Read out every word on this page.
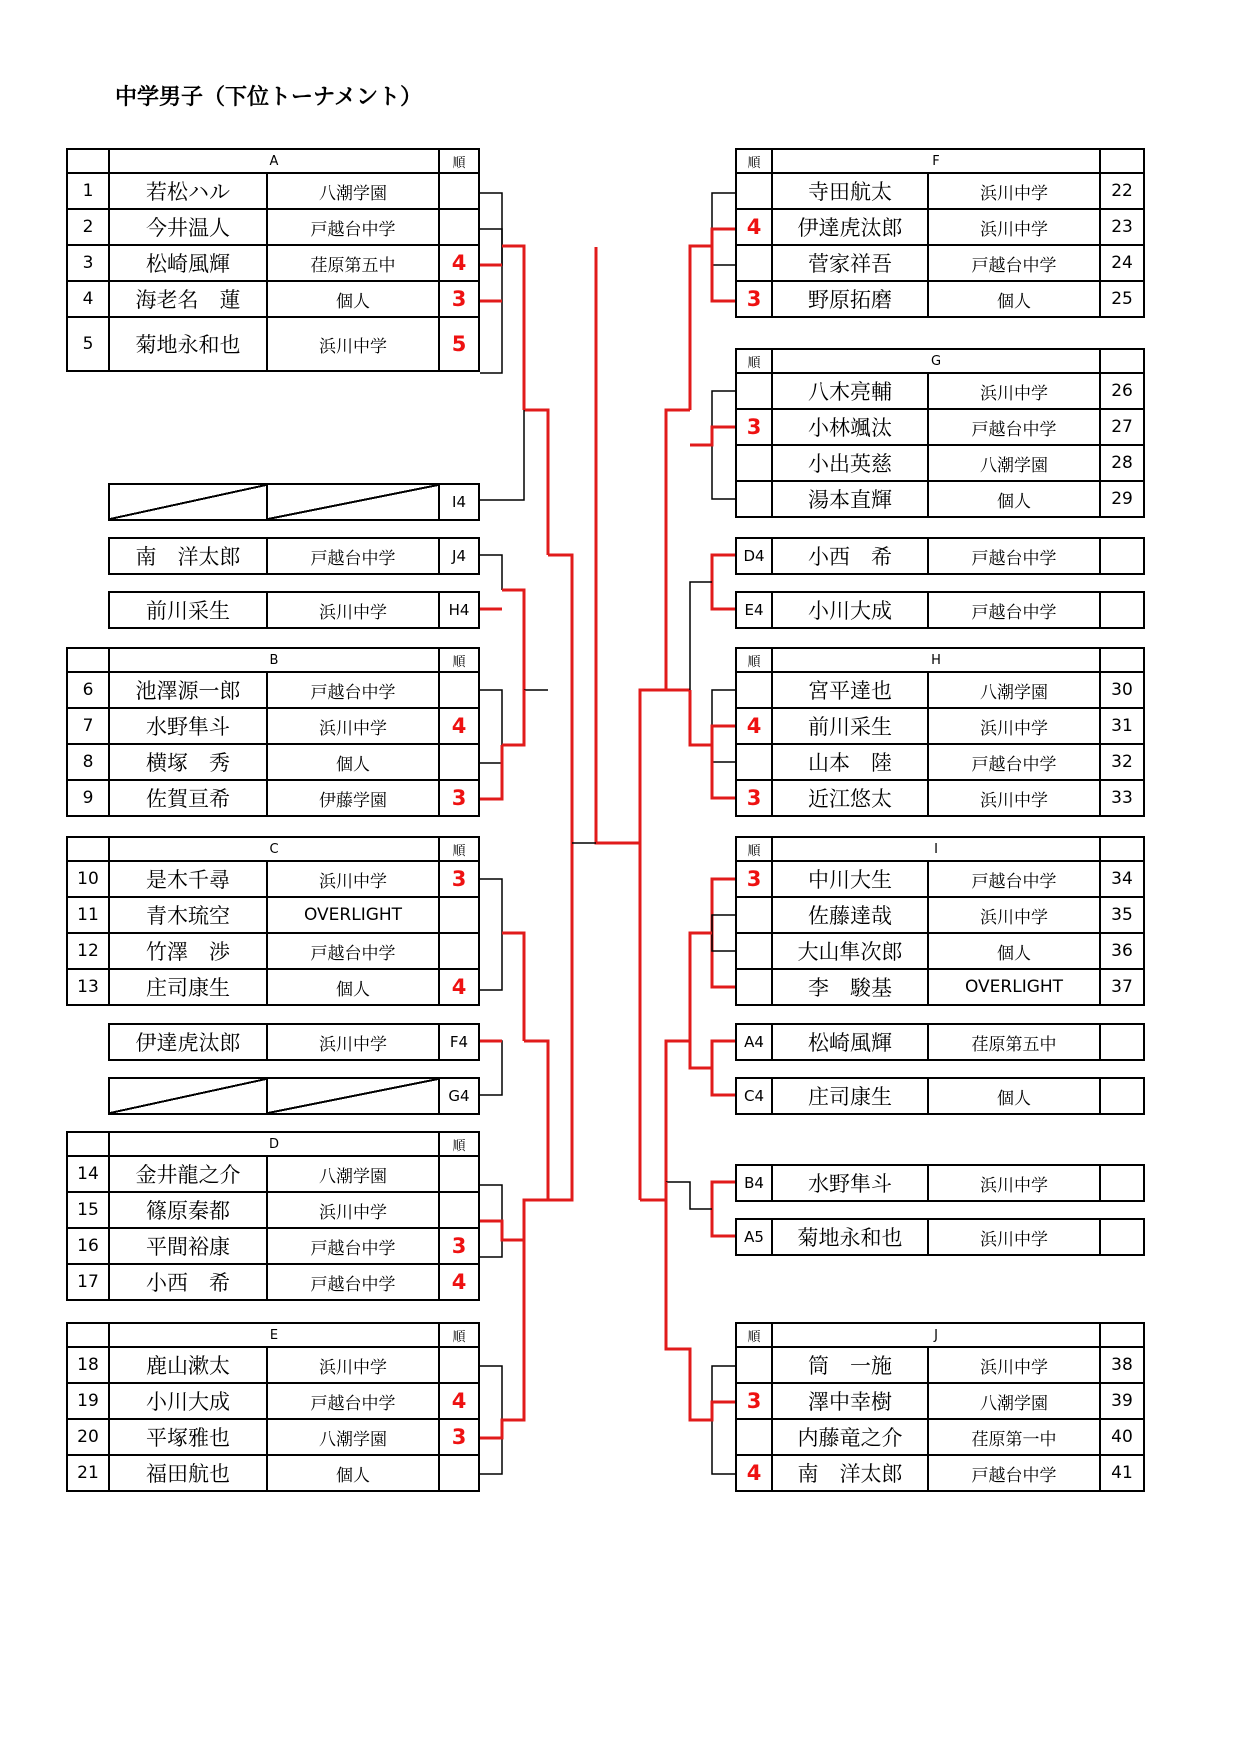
中学男子（下位トーナメント）
	A		順
1	若松ハル	八潮学園	
2	今井温人	戸越台中学	
3	松崎風輝	荏原第五中	4
4	海老名　蓮	個人	3
5	菊地永和也	浜川中学	5
	B		順
6	池澤源一郎	戸越台中学	
7	水野隼斗	浜川中学	4
8	横塚　秀	個人	
9	佐賀亘希	伊藤学園	3
	C		順
10	是木千尋	浜川中学	3
11	青木琉空	OVERLIGHT	
12	竹澤　渉	戸越台中学	
13	庄司康生	個人	4
	D		順
14	金井龍之介	八潮学園	
15	篠原秦都	浜川中学	
16	平間裕康	戸越台中学	3
17	小西　希	戸越台中学	4
	E		順
18	鹿山漱太	浜川中学	
19	小川大成	戸越台中学	4
20	平塚雅也	八潮学園	3
21	福田航也	個人	
順	F		
	寺田航太	浜川中学	22
4	伊達虎汰郎	浜川中学	23
	菅家祥吾	戸越台中学	24
3	野原拓磨	個人	25
順	G		
	八木亮輔	浜川中学	26
3	小林颯汰	戸越台中学	27
	小出英慈	八潮学園	28
	湯本直輝	個人	29
順	H		
	宮平達也	八潮学園	30
4	前川采生	浜川中学	31
	山本　陸	戸越台中学	32
3	近江悠太	浜川中学	33
順	I		
3	中川大生	戸越台中学	34
	佐藤達哉	浜川中学	35
	大山隼次郎	個人	36
	李　駿基	OVERLIGHT	37
順	J		
	筒　一施	浜川中学	38
3	澤中幸樹	八潮学園	39
	内藤竜之介	荏原第一中	40
4	南　洋太郎	戸越台中学	41
		I4
南　洋太郎	戸越台中学	J4
前川采生	浜川中学	H4
伊達虎汰郎	浜川中学	F4
		G4
D4	小西　希	戸越台中学	
E4	小川大成	戸越台中学	
A4	松崎風輝	荏原第五中	
C4	庄司康生	個人	
B4	水野隼斗	浜川中学	
A5	菊地永和也	浜川中学	
